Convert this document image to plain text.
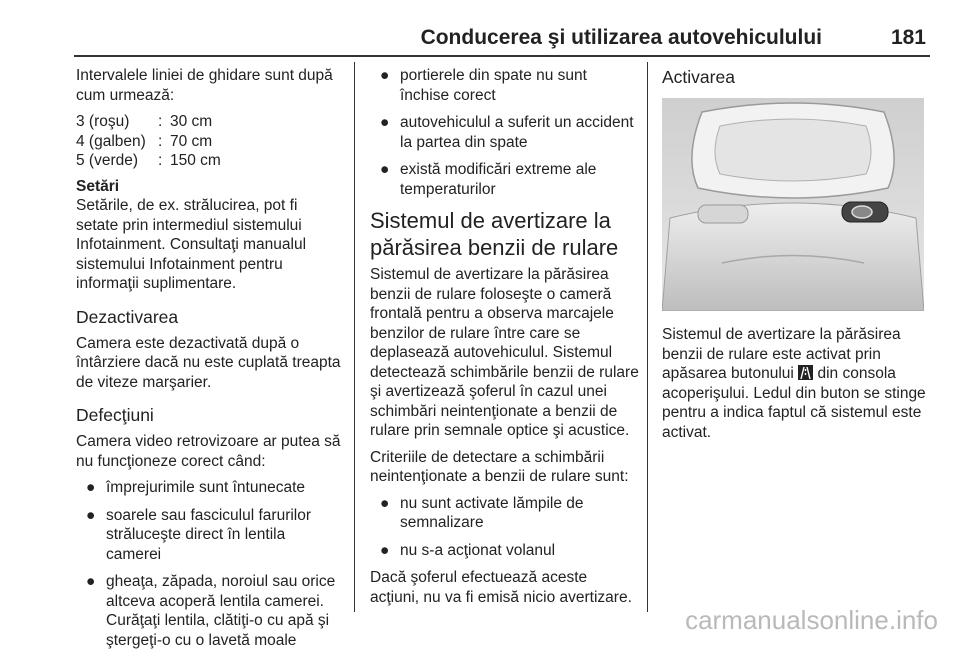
Conducerea şi utilizarea autovehiculului	181

Intervalele liniei de ghidare sunt după cum urmează:

3 (roşu)	:	30 cm
4 (galben)	:	70 cm
5 (verde)	:	150 cm
Setări

Setările, de ex. strălucirea, pot fi setate prin intermediul sistemului Infotainment. Consultaţi manualul sistemului Infotainment pentru informaţii suplimentare.

Dezactivarea

Camera este dezactivată după o întârziere dacă nu este cuplată treapta de viteze marşarier.

Defecţiuni

Camera video retrovizoare ar putea să nu funcţioneze corect când:

● împrejurimile sunt întunecate
● soarele sau fasciculul farurilor străluceşte direct în lentila camerei
● gheaţa, zăpada, noroiul sau orice altceva acoperă lentila camerei. Curăţaţi lentila, clătiţi-o cu apă şi ştergeţi-o cu o lavetă moale
● portierele din spate nu sunt închise corect
● autovehiculul a suferit un accident la partea din spate
● există modificări extreme ale temperaturilor
Sistemul de avertizare la părăsirea benzii de rulare

Sistemul de avertizare la părăsirea benzii de rulare foloseşte o cameră frontală pentru a observa marcajele benzilor de rulare între care se deplasează autovehiculul. Sistemul detectează schimbările benzii de rulare şi avertizează şoferul în cazul unei schimbări neintenţionate a benzii de rulare prin semnale optice şi acustice.

Criteriile de detectare a schimbării neintenţionate a benzii de rulare sunt:

● nu sunt activate lămpile de semnalizare
● nu s-a acţionat volanul

Dacă şoferul efectuează aceste acţiuni, nu va fi emisă nicio avertizare.

Activarea

Sistemul de avertizare la părăsirea benzii de rulare este activat prin apăsarea butonului din consola acoperişului. Ledul din buton se stinge pentru a indica faptul că sistemul este activat.

carmanualsonline.info
